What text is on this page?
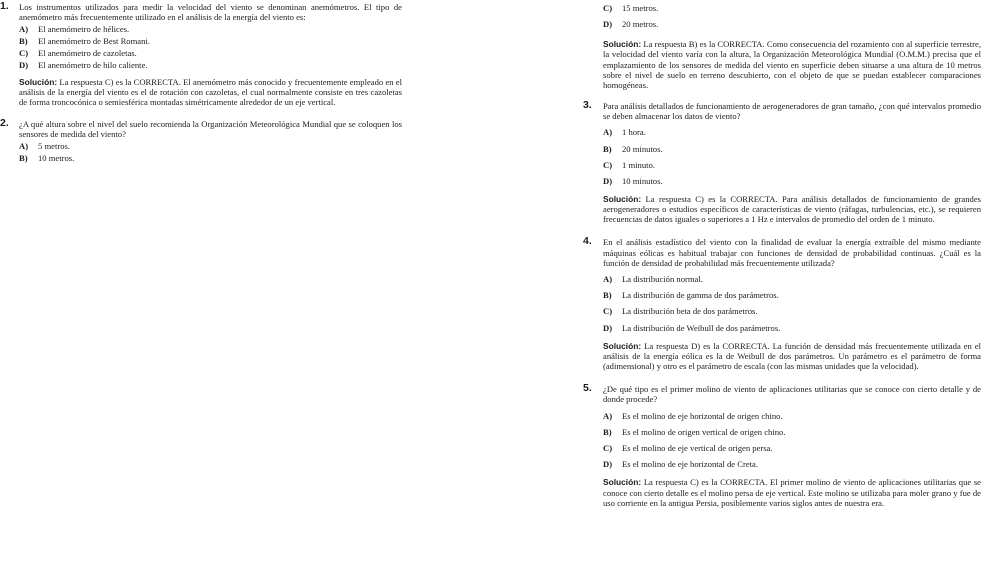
1. Los instrumentos utilizados para medir la velocidad del viento se denominan anemómetros. El tipo de anemómetro más frecuentemente utilizado en el análisis de la energía del viento es:
A) El anemómetro de hélices.
B) El anemómetro de Best Romani.
C) El anemómetro de cazoletas.
D) El anemómetro de hilo caliente.
Solución: La respuesta C) es la CORRECTA. El anemómetro más conocido y frecuentemente empleado en el análisis de la energía del viento es el de rotación con cazoletas, el cual normalmente consiste en tres cazoletas de forma troncocónica o semiesférica montadas simétricamente alrededor de un eje vertical.
2. ¿A qué altura sobre el nivel del suelo recomienda la Organización Meteorológica Mundial que se coloquen los sensores de medida del viento?
A) 5 metros.
B) 10 metros.
C) 15 metros.
D) 20 metros.
Solución: La respuesta B) es la CORRECTA. Como consecuencia del rozamiento con al superficie terrestre, la velocidad del viento varía con la altura, la Organización Meteorológica Mundial (O.M.M.) precisa que el emplazamiento de los sensores de medida del viento en superficie deben situarse a una altura de 10 metros sobre el nivel de suelo en terreno descubierto, con el objeto de que se puedan establecer comparaciones homogéneas.
3. Para análisis detallados de funcionamiento de aerogeneradores de gran tamaño, ¿con qué intervalos promedio se deben almacenar los datos de viento?
A) 1 hora.
B) 20 minutos.
C) 1 minuto.
D) 10 minutos.
Solución: La respuesta C) es la CORRECTA. Para análisis detallados de funcionamiento de grandes aerogeneradores o estudios específicos de características de viento (ráfagas, turbulencias, etc.), se requieren frecuencias de datos iguales o superiores a 1 Hz e intervalos de promedio del orden de 1 minuto.
4. En el análisis estadístico del viento con la finalidad de evaluar la energía extraíble del mismo mediante máquinas eólicas es habitual trabajar con funciones de densidad de probabilidad continuas. ¿Cuál es la función de densidad de probabilidad más frecuentemente utilizada?
A) La distribución normal.
B) La distribución de gamma de dos parámetros.
C) La distribución beta de dos parámetros.
D) La distribución de Weibull de dos parámetros.
Solución: La respuesta D) es la CORRECTA. La función de densidad más frecuentemente utilizada en el análisis de la energía eólica es la de Weibull de dos parámetros. Un parámetro es el parámetro de forma (adimensional) y otro es el parámetro de escala (con las mismas unidades que la velocidad).
5. ¿De qué tipo es el primer molino de viento de aplicaciones utilitarias que se conoce con cierto detalle y de donde procede?
A) Es el molino de eje horizontal de origen chino.
B) Es el molino de origen vertical de origen chino.
C) Es el molino de eje vertical de origen persa.
D) Es el molino de eje horizontal de Creta.
Solución: La respuesta C) es la CORRECTA. El primer molino de viento de aplicaciones utilitarias que se conoce con cierto detalle es el molino persa de eje vertical. Este molino se utilizaba para moler grano y fue de uso corriente en la antigua Persia, posiblemente varios siglos antes de nuestra era.
